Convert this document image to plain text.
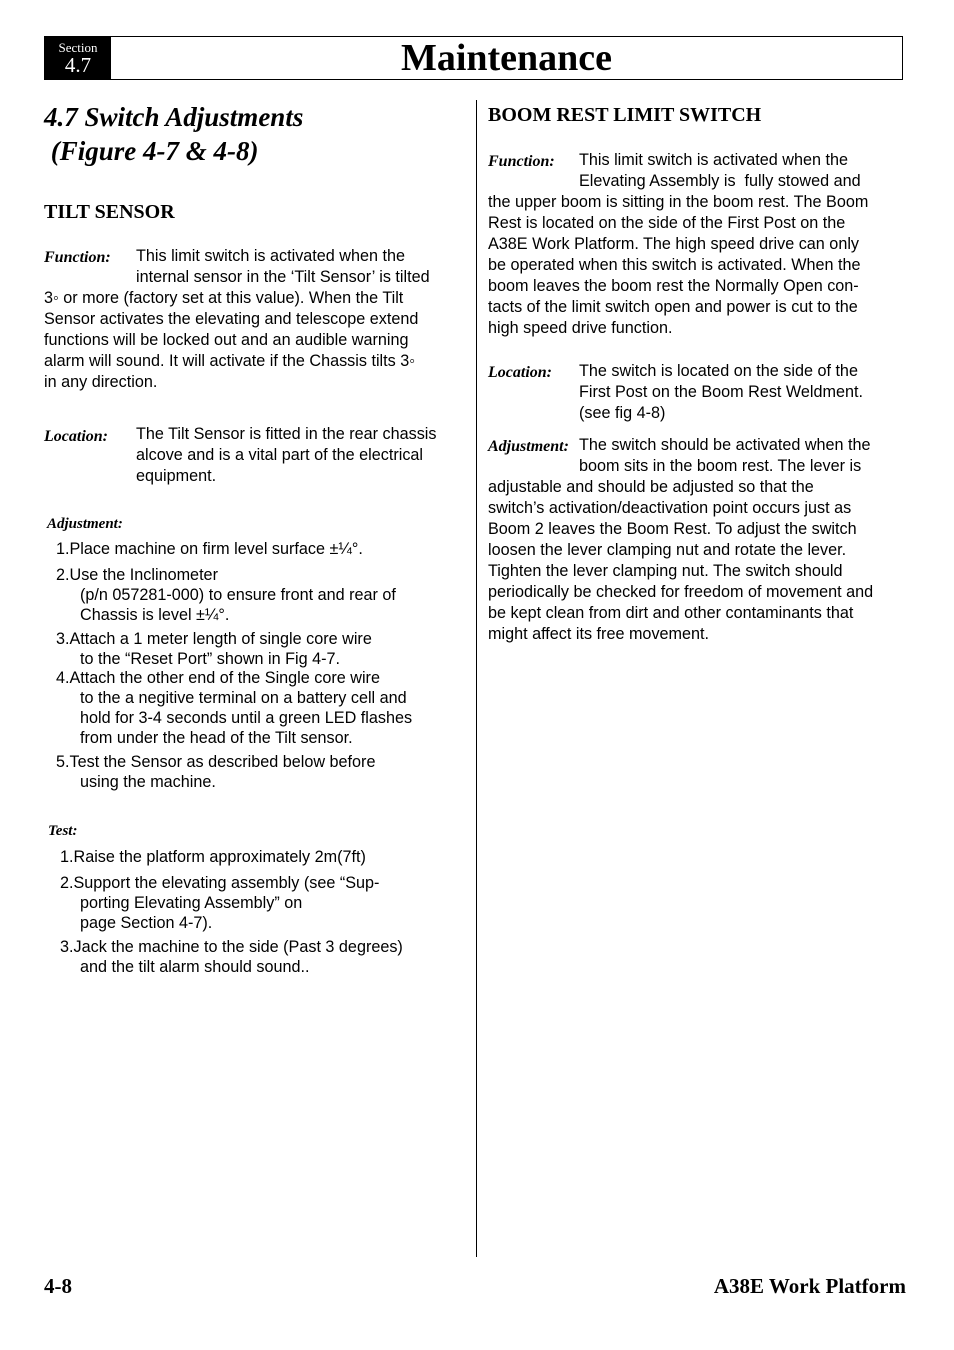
Section
4.7	Maintenance
4.7 Switch Adjustments
(Figure 4-7 & 4-8)
TILT SENSOR
Function:	This limit switch is activated when the
internal sensor in the ‘Tilt Sensor’ is tilted
3◦ or more (factory set at this value). When the Tilt
Sensor activates the elevating and telescope extend
functions will be locked out and an audible warning
alarm will sound. It will activate if the Chassis tilts 3◦
in any direction.
Location:	The Tilt Sensor is fitted in the rear chassis
alcove and is a vital part of the electrical
equipment.
Adjustment:
1.Place machine on firm level surface ±¼°.
2.Use the Inclinometer
(p/n 057281-000) to ensure front and rear of
Chassis is level ±¼°.
3.Attach a 1 meter length of single core wire
to the “Reset Port” shown in Fig 4-7.
4.Attach the other end of the Single core wire
to the a negitive terminal on a battery cell and
hold for 3-4 seconds until a green LED flashes
from under the head of the Tilt sensor.
5.Test the Sensor as described below before
using the machine.
Test:
1.Raise the platform approximately 2m(7ft)
2.Support the elevating assembly (see “Sup-
porting Elevating Assembly” on
page Section 4-7).
3.Jack the machine to the side (Past 3 degrees)
and the tilt alarm should sound..
BOOM REST LIMIT SWITCH
Function:	This limit switch is activated when the
Elevating Assembly is  fully stowed and
the upper boom is sitting in the boom rest. The Boom
Rest is located on the side of the First Post on the
A38E Work Platform. The high speed drive can only
be operated when this switch is activated. When the
boom leaves the boom rest the Normally Open con-
tacts of the limit switch open and power is cut to the
high speed drive function.
Location:	The switch is located on the side of the
First Post on the Boom Rest Weldment.
(see fig 4-8)
Adjustment: The switch should be activated when the
boom sits in the boom rest. The lever is
adjustable and should be adjusted so that the
switch’s activation/deactivation point occurs just as
Boom 2 leaves the Boom Rest. To adjust the switch
loosen the lever clamping nut and rotate the lever.
Tighten the lever clamping nut. The switch should
periodically be checked for freedom of movement and
be kept clean from dirt and other contaminants that
might affect its free movement.
4-8	A38E Work Platform
